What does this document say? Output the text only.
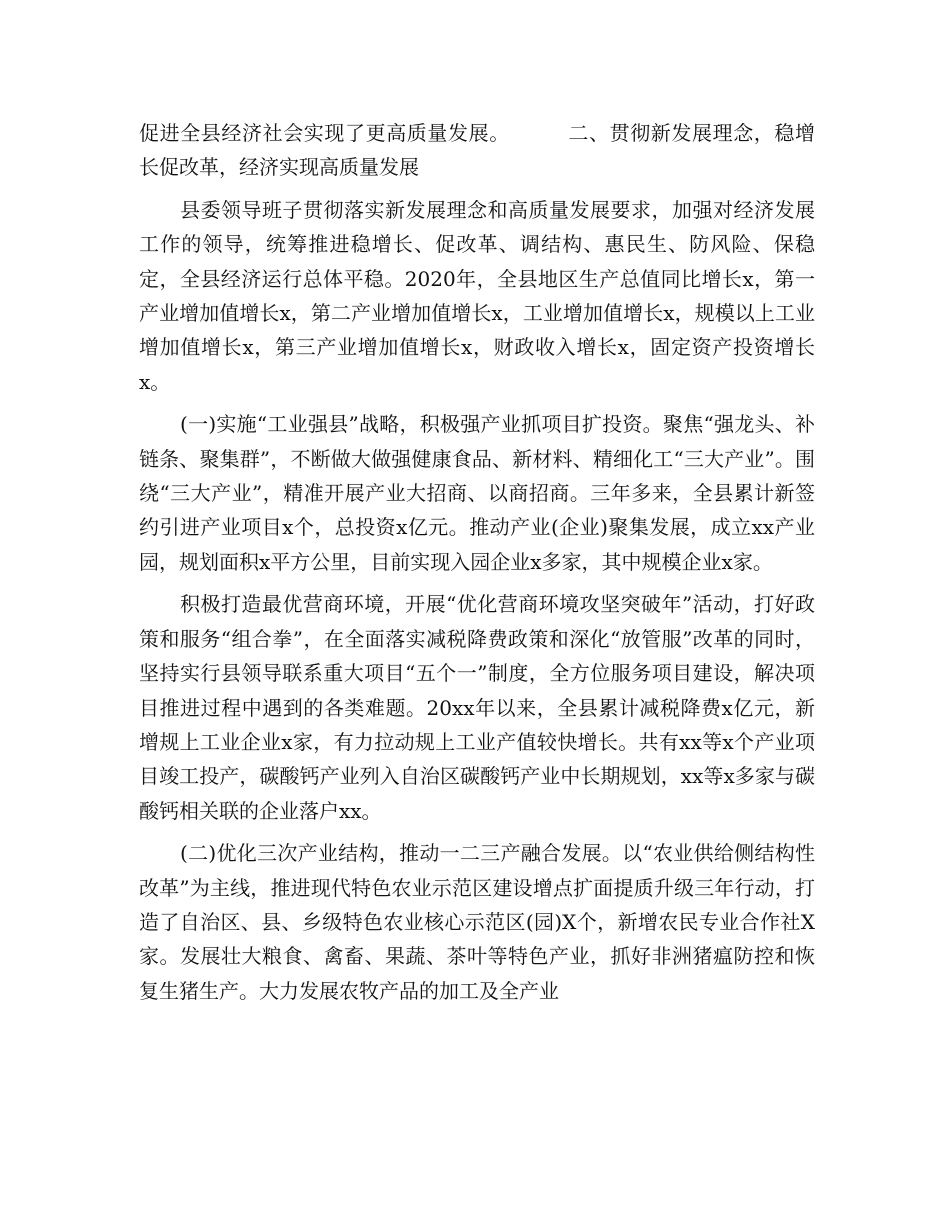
促进全县经济社会实现了更高质量发展。	二、贯彻新发展理念，稳增长促改革，经济实现高质量发展

县委领导班子贯彻落实新发展理念和高质量发展要求，加强对经济发展工作的领导，统筹推进稳增长、促改革、调结构、惠民生、防风险、保稳定，全县经济运行总体平稳。2020年，全县地区生产总值同比增长x，第一产业增加值增长x，第二产业增加值增长x，工业增加值增长x，规模以上工业增加值增长x，第三产业增加值增长x，财政收入增长x，固定资产投资增长x。

(一)实施“工业强县”战略，积极强产业抓项目扩投资。聚焦“强龙头、补链条、聚集群”，不断做大做强健康食品、新材料、精细化工“三大产业”。围绕“三大产业”，精准开展产业大招商、以商招商。三年多来，全县累计新签约引进产业项目x个，总投资x亿元。推动产业(企业)聚集发展，成立xx产业园，规划面积x平方公里，目前实现入园企业x多家，其中规模企业x家。

积极打造最优营商环境，开展“优化营商环境攻坚突破年”活动，打好政策和服务“组合拳”，在全面落实减税降费政策和深化“放管服”改革的同时，坚持实行县领导联系重大项目“五个一”制度，全方位服务项目建设，解决项目推进过程中遇到的各类难题。20xx年以来，全县累计减税降费x亿元，新增规上工业企业x家，有力拉动规上工业产值较快增长。共有xx等x个产业项目竣工投产，碳酸钙产业列入自治区碳酸钙产业中长期规划，xx等x多家与碳酸钙相关联的企业落户xx。

(二)优化三次产业结构，推动一二三产融合发展。以“农业供给侧结构性改革”为主线，推进现代特色农业示范区建设增点扩面提质升级三年行动，打造了自治区、县、乡级特色农业核心示范区(园)X个，新增农民专业合作社X家。发展壮大粮食、禽畜、果蔬、茶叶等特色产业，抓好非洲猪瘟防控和恢复生猪生产。大力发展农牧产品的加工及全产业
